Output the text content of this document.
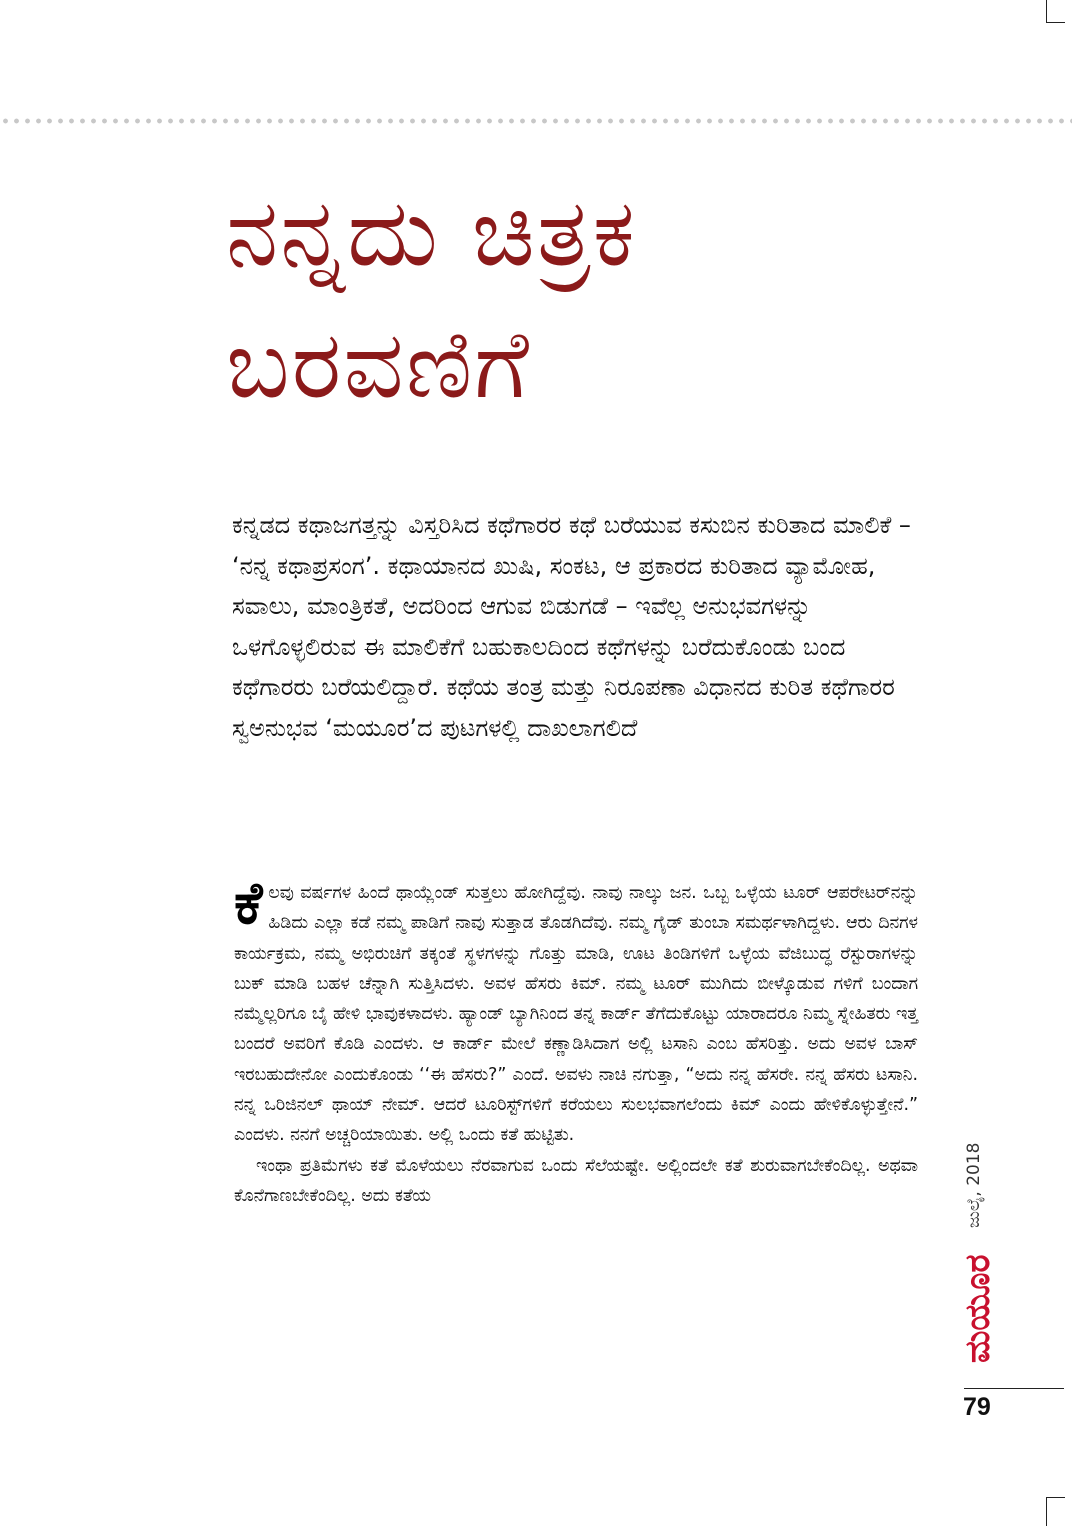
ನನ್ನದು ಚಿತ್ರಕ ಬರವಣಿಗೆ

ಕನ್ನಡದ ಕಥಾಜಗತ್ತನ್ನು ವಿಸ್ತರಿಸಿದ ಕಥೆಗಾರರ ಕಥೆ ಬರೆಯುವ ಕಸುಬಿನ ಕುರಿತಾದ ಮಾಲಿಕೆ – ‘ನನ್ನ ಕಥಾಪ್ರಸಂಗ’. ಕಥಾಯಾನದ ಖುಷಿ, ಸಂಕಟ, ಆ ಪ್ರಕಾರದ ಕುರಿತಾದ ವ್ಯಾಮೋಹ, ಸವಾಲು, ಮಾಂತ್ರಿಕತೆ, ಅದರಿಂದ ಆಗುವ ಬಿಡುಗಡೆ – ಇವೆಲ್ಲ ಅನುಭವಗಳನ್ನು ಒಳಗೊಳ್ಳಲಿರುವ ಈ ಮಾಲಿಕೆಗೆ ಬಹುಕಾಲದಿಂದ ಕಥೆಗಳನ್ನು ಬರೆದುಕೊಂಡು ಬಂದ ಕಥೆಗಾರರು ಬರೆಯಲಿದ್ದಾರೆ. ಕಥೆಯ ತಂತ್ರ ಮತ್ತು ನಿರೂಪಣಾ ವಿಧಾನದ ಕುರಿತ ಕಥೆಗಾರರ ಸ್ವಅನುಭವ ‘ಮಯೂರ’ದ ಪುಟಗಳಲ್ಲಿ ದಾಖಲಾಗಲಿದೆ

ಕೆಲವು ವರ್ಷಗಳ ಹಿಂದೆ ಥಾಯ್ಲೆಂಡ್ ಸುತ್ತಲು ಹೋಗಿದ್ದೆವು. ನಾವು ನಾಲ್ಕು ಜನ. ಒಬ್ಬ ಒಳ್ಳೆಯ ಟೂರ್ ಆಪರೇಟರ್‌ನನ್ನು ಹಿಡಿದು ಎಲ್ಲಾ ಕಡೆ ನಮ್ಮ ಪಾಡಿಗೆ ನಾವು ಸುತ್ತಾಡ ತೊಡಗಿದೆವು. ನಮ್ಮ ಗೈಡ್ ತುಂಬಾ ಸಮರ್ಥಳಾಗಿದ್ದಳು. ಆರು ದಿನಗಳ ಕಾರ್ಯಕ್ರಮ, ನಮ್ಮ ಅಭಿರುಚಿಗೆ ತಕ್ಕಂತೆ ಸ್ಥಳಗಳನ್ನು ಗೊತ್ತು ಮಾಡಿ, ಊಟ ತಿಂಡಿಗಳಿಗೆ ಒಳ್ಳೆಯ ವೆಜಿಬುದ್ಧ ರೆಸ್ಟುರಾಗಳನ್ನು ಬುಕ್ ಮಾಡಿ ಬಹಳ ಚೆನ್ನಾಗಿ ಸುತ್ತಿಸಿದಳು. ಅವಳ ಹೆಸರು ಕಿಮ್. ನಮ್ಮ ಟೂರ್ ಮುಗಿದು ಬೀಳ್ಕೊಡುವ ಗಳಿಗೆ ಬಂದಾಗ ನಮ್ಮೆಲ್ಲರಿಗೂ ಬೈ ಹೇಳಿ ಭಾವುಕಳಾದಳು. ಹ್ಯಾಂಡ್ ಬ್ಯಾಗಿನಿಂದ ತನ್ನ ಕಾರ್ಡ್ ತೆಗೆದುಕೊಟ್ಟು ಯಾರಾದರೂ ನಿಮ್ಮ ಸ್ನೇಹಿತರು ಇತ್ತ ಬಂದರೆ ಅವರಿಗೆ ಕೊಡಿ ಎಂದಳು. ಆ ಕಾರ್ಡ್ ಮೇಲೆ ಕಣ್ಣಾಡಿಸಿದಾಗ ಅಲ್ಲಿ ಟಸಾನಿ ಎಂಬ ಹೆಸರಿತ್ತು. ಅದು ಅವಳ ಬಾಸ್ ಇರಬಹುದೇನೋ ಎಂದುಕೊಂಡು ‘‘ಈ ಹೆಸರು?” ಎಂದೆ. ಅವಳು ನಾಚಿ ನಗುತ್ತಾ, “ಅದು ನನ್ನ ಹೆಸರೇ. ನನ್ನ ಹೆಸರು ಟಸಾನಿ. ನನ್ನ ಒರಿಜಿನಲ್ ಥಾಯ್ ನೇಮ್. ಆದರೆ ಟೂರಿಸ್ಟ್‌ಗಳಿಗೆ ಕರೆಯಲು ಸುಲಭವಾಗಲೆಂದು ಕಿಮ್ ಎಂದು ಹೇಳಿಕೊಳ್ಳುತ್ತೇನೆ.” ಎಂದಳು. ನನಗೆ ಅಚ್ಚರಿಯಾಯಿತು. ಅಲ್ಲಿ ಒಂದು ಕತೆ ಹುಟ್ಟಿತು.

ಇಂಥಾ ಪ್ರತಿಮೆಗಳು ಕತೆ ಮೊಳೆಯಲು ನೆರವಾಗುವ ಒಂದು ಸೆಲೆಯಷ್ಟೇ. ಅಲ್ಲಿಂದಲೇ ಕತೆ ಶುರುವಾಗಬೇಕೆಂದಿಲ್ಲ. ಅಥವಾ ಕೊನೆಗಾಣಬೇಕೆಂದಿಲ್ಲ. ಅದು ಕತೆಯ	ಜುಲೈ, 2018
ಮಯೂರ
79
